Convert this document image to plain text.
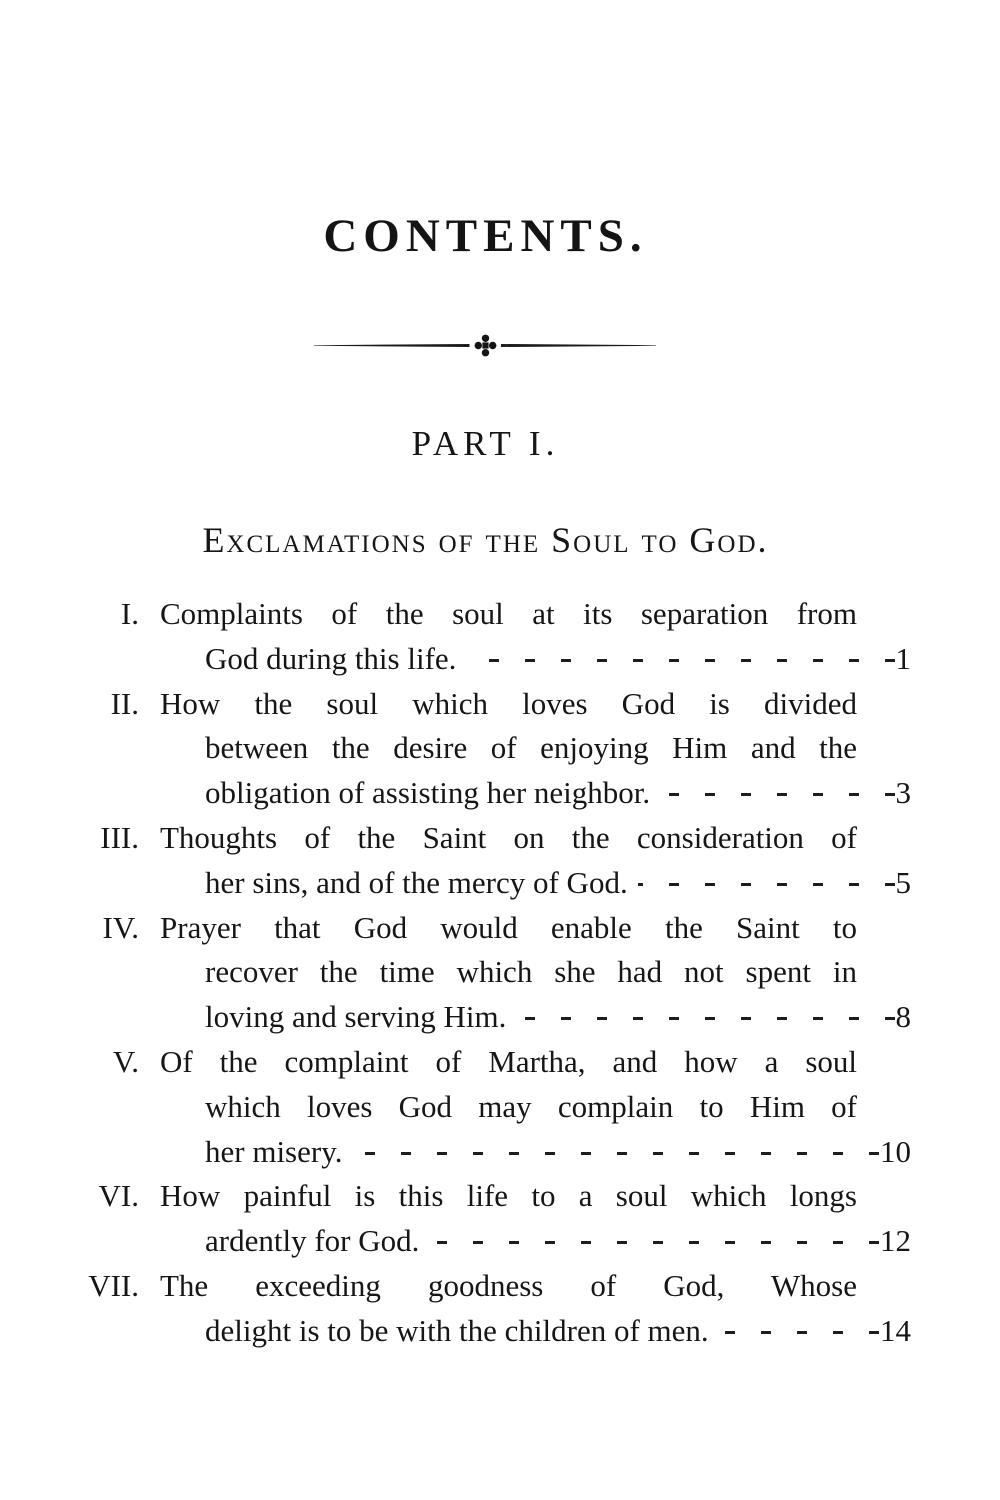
CONTENTS.
PART I.
Exclamations of the Soul to God.
I. Complaints of the soul at its separation from
God during this life.	1
II. How the soul which loves God is divided
between the desire of enjoying Him and the
obligation of assisting her neighbor.	3
III. Thoughts of the Saint on the consideration of
her sins, and of the mercy of God.	5
IV. Prayer that God would enable the Saint to
recover the time which she had not spent in
loving and serving Him.	8
V. Of the complaint of Martha, and how a soul
which loves God may complain to Him of
her misery.	10
VI. How painful is this life to a soul which longs
ardently for God.	12
VII. The exceeding goodness of God, Whose
delight is to be with the children of men.	14
